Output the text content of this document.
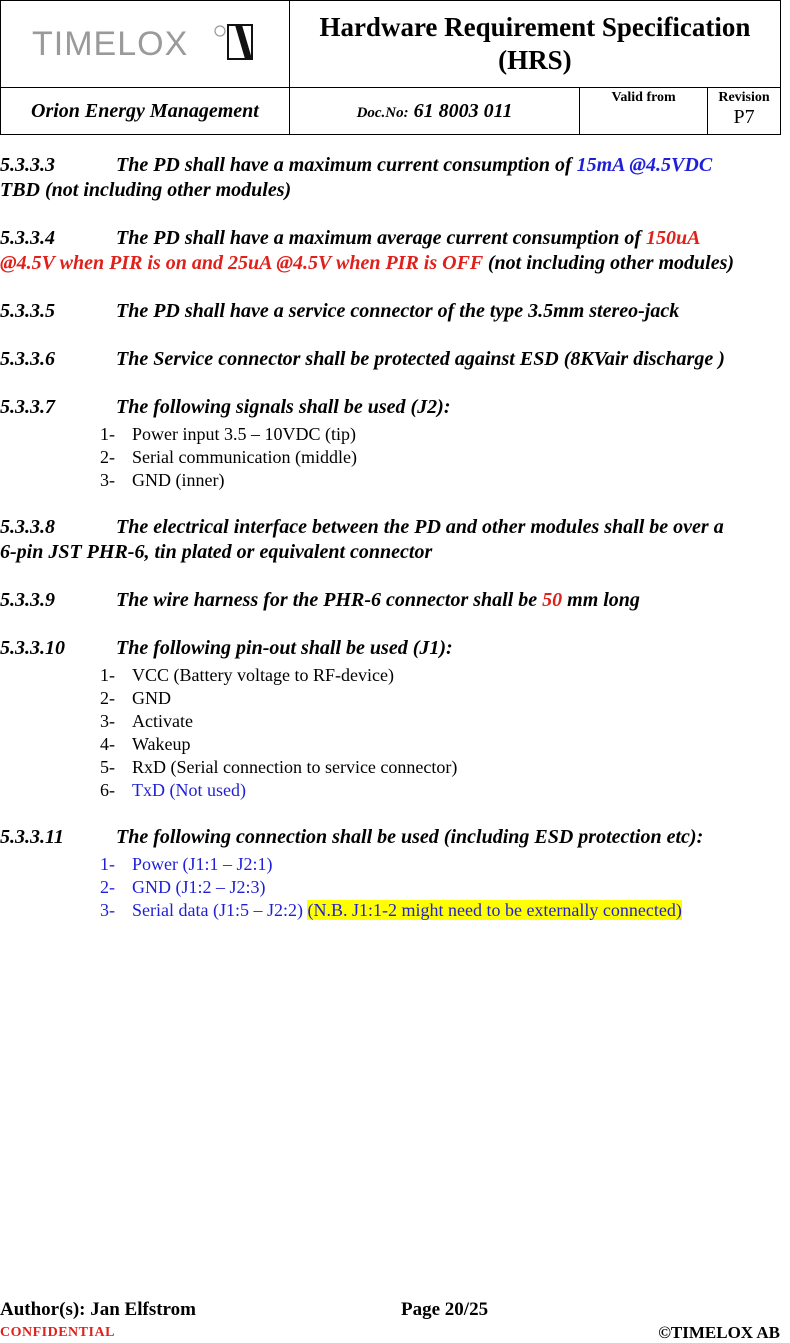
TIMELOX	Hardware Requirement Specification
(HRS)		

Orion Energy Management	Doc.No: 61 8003 011	Valid from	Revision
P7

5.3.3.3	The PD shall have a maximum current consumption of 15mA @4.5VDC
TBD (not including other modules)

5.3.3.4	The PD shall have a maximum average current consumption of 150uA
@4.5V when PIR is on and 25uA @4.5V when PIR is OFF (not including other modules)

5.3.3.5	The PD shall have a service connector of the type 3.5mm stereo-jack

5.3.3.6	The Service connector shall be protected against ESD (8KVair discharge )

5.3.3.7	The following signals shall be used (J2):

1- Power input 3.5 – 10VDC (tip)
2- Serial communication (middle)
3- GND (inner)

5.3.3.8	The electrical interface between the PD and other modules shall be over a
6-pin JST PHR-6, tin plated or equivalent connector

5.3.3.9	The wire harness for the PHR-6 connector shall be 50 mm long

5.3.3.10	The following pin-out shall be used (J1):

1- VCC (Battery voltage to RF-device)
2- GND
3- Activate
4- Wakeup
5- RxD (Serial connection to service connector)
6- TxD (Not used)

5.3.3.11	The following connection shall be used (including ESD protection etc):

1- Power (J1:1 – J2:1)
2- GND (J1:2 – J2:3)
3- Serial data (J1:5 – J2:2) (N.B. J1:1-2 might need to be externally connected)
Author(s): Jan Elfstrom	Page 20/25
CONFIDENTIAL	©TIMELOX AB
